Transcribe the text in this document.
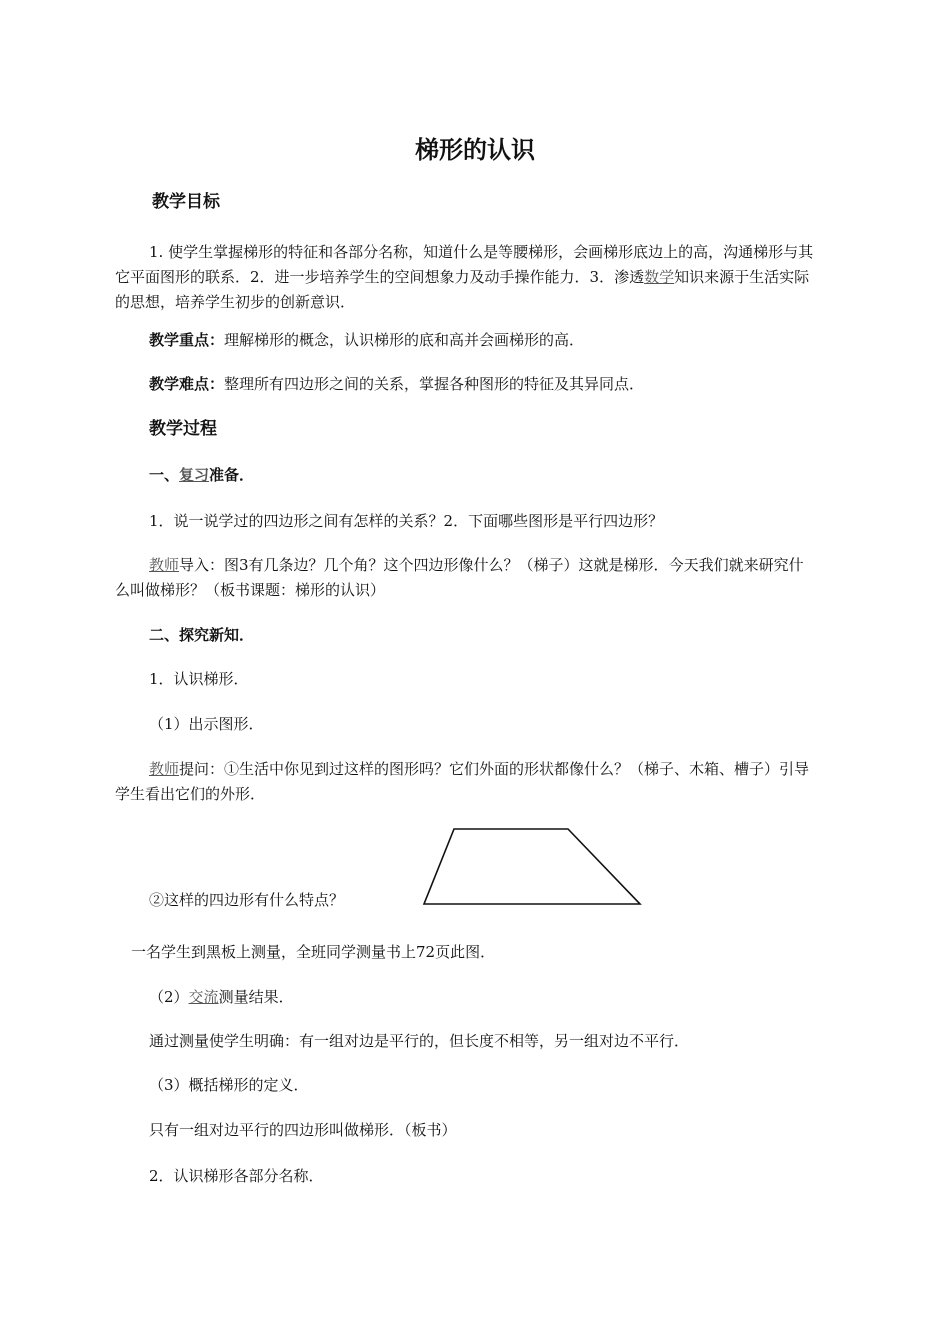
梯形的认识
教学目标
1. 使学生掌握梯形的特征和各部分名称，知道什么是等腰梯形，会画梯形底边上的高，沟通梯形与其它平面图形的联系．2．进一步培养学生的空间想象力及动手操作能力．3．渗透数学知识来源于生活实际的思想，培养学生初步的创新意识．
教学重点：理解梯形的概念，认识梯形的底和高并会画梯形的高．
教学难点：整理所有四边形之间的关系，掌握各种图形的特征及其异同点．
教学过程
一、复习准备．
1．说一说学过的四边形之间有怎样的关系？2．下面哪些图形是平行四边形？
教师导入：图3有几条边？几个角？这个四边形像什么？（梯子）这就是梯形．今天我们就来研究什么叫做梯形？（板书课题：梯形的认识）
二、探究新知．
1．认识梯形．
（1）出示图形．
教师提问：①生活中你见到过这样的图形吗？它们外面的形状都像什么？（梯子、木箱、槽子）引导学生看出它们的外形．
②这样的四边形有什么特点？
一名学生到黑板上测量，全班同学测量书上72页此图．
（2）交流测量结果．
通过测量使学生明确：有一组对边是平行的，但长度不相等，另一组对边不平行．
（3）概括梯形的定义．
只有一组对边平行的四边形叫做梯形．（板书）
2．认识梯形各部分名称．
